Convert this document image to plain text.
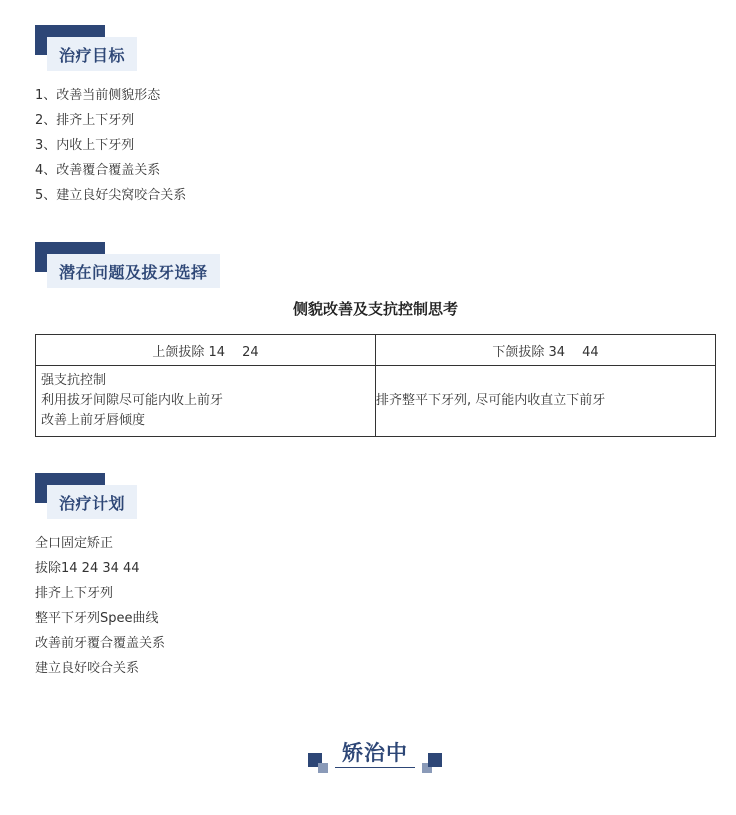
治疗目标
1、改善当前侧貌形态
2、排齐上下牙列
3、内收上下牙列
4、改善覆合覆盖关系
5、建立良好尖窝咬合关系
潜在问题及拔牙选择
侧貌改善及支抗控制思考
上颌拔除 14　 24	下颌拔除 34　 44

强支抗控制
利用拔牙间隙尽可能内收上前牙
改善上前牙唇倾度	排齐整平下牙列, 尽可能内收直立下前牙
治疗计划
全口固定矫正
拔除14 24 34 44
排齐上下牙列
整平下牙列Spee曲线
改善前牙覆合覆盖关系
建立良好咬合关系
矫治中
